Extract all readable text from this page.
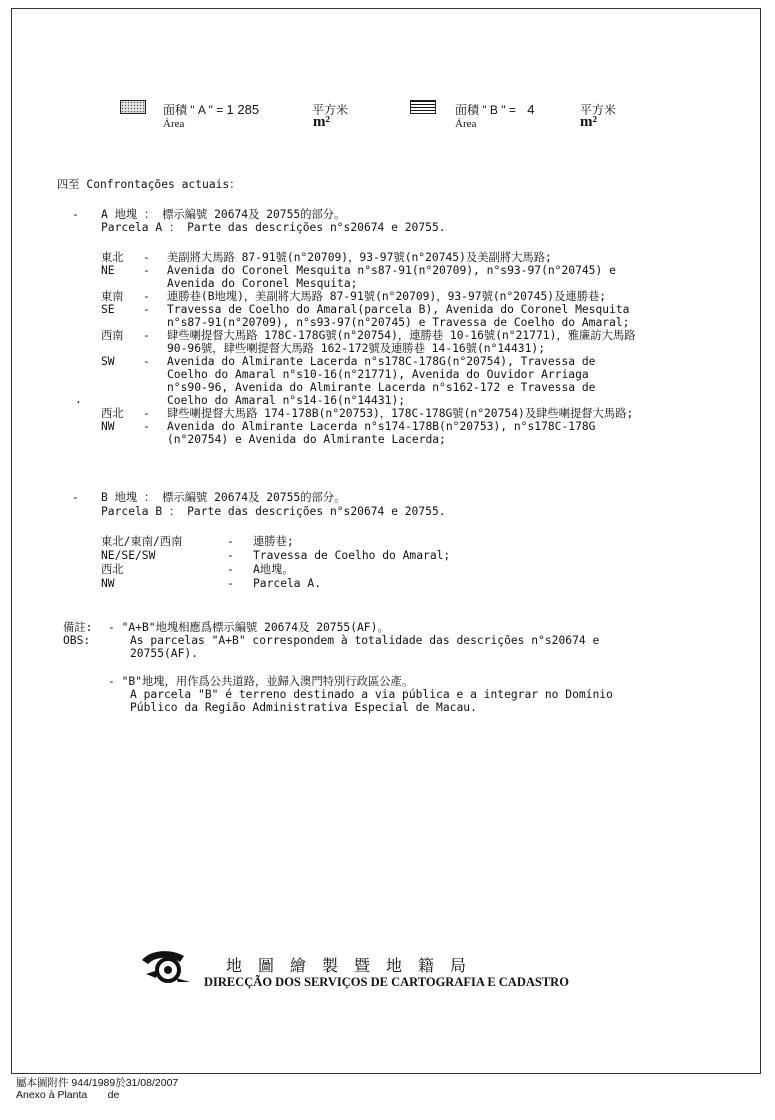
面積 " A " = 1 285	平方米
Área	m²
面積 " B " = 4	平方米
Área	m²
四至 Confrontações actuais：
- A 地塊 ： 標示編號 20674及 20755的部分。
Parcela A ： Parte das descrições n°s20674 e 20755.
東北 - 美副將大馬路 87-91號(n°20709)，93-97號(n°20745)及美副將大馬路;
NE	- Avenida do Coronel Mesquita n°s87-91(n°20709), n°s93-97(n°20745) e
Avenida do Coronel Mesquita;
東南 - 連勝巷(B地塊)，美副將大馬路 87-91號(n°20709)，93-97號(n°20745)及連勝巷;
SE	- Travessa de Coelho do Amaral(parcela B), Avenida do Coronel Mesquita
n°s87-91(n°20709), n°s93-97(n°20745) e Travessa de Coelho do Amaral;
西南 - 肆些喇提督大馬路 178C-178G號(n°20754)，連勝巷 10-16號(n°21771)，雅廉訪大馬路
90-96號，肆些喇提督大馬路 162-172號及連勝巷 14-16號(n°14431);
SW	- Avenida do Almirante Lacerda n°s178C-178G(n°20754), Travessa de
Coelho do Amaral n°s10-16(n°21771), Avenida do Ouvidor Arriaga
n°s90-96, Avenida do Almirante Lacerda n°s162-172 e Travessa de
Coelho do Amaral n°s14-16(n°14431);
西北 - 肆些喇提督大馬路 174-178B(n°20753)，178C-178G號(n°20754)及肆些喇提督大馬路;
NW	- Avenida do Almirante Lacerda n°s174-178B(n°20753), n°s178C-178G
(n°20754) e Avenida do Almirante Lacerda;
·
- B 地塊 ： 標示編號 20674及 20755的部分。
Parcela B ： Parte das descrições n°s20674 e 20755.
東北/東南/西南	- 連勝巷;
NE/SE/SW	- Travessa de Coelho do Amaral;
西北	- A地塊。
NW	- Parcela A.
備註:
OBS:
- "A+B"地塊相應爲標示編號 20674及 20755(AF)。
As parcelas "A+B" correspondem à totalidade das descrições n°s20674 e
20755(AF).
- "B"地塊，用作爲公共道路，並歸入澳門特別行政區公產。
A parcela "B" é terreno destinado a via pública e a integrar no Domínio
Público da Região Administrativa Especial de Macau.
地　圖　繪　製　暨　地　籍　局
DIRECÇÃO DOS SERVIÇOS DE CARTOGRAFIA E CADASTRO
屬本圖附件 944/1989於31/08/2007
Anexo à Planta       de
